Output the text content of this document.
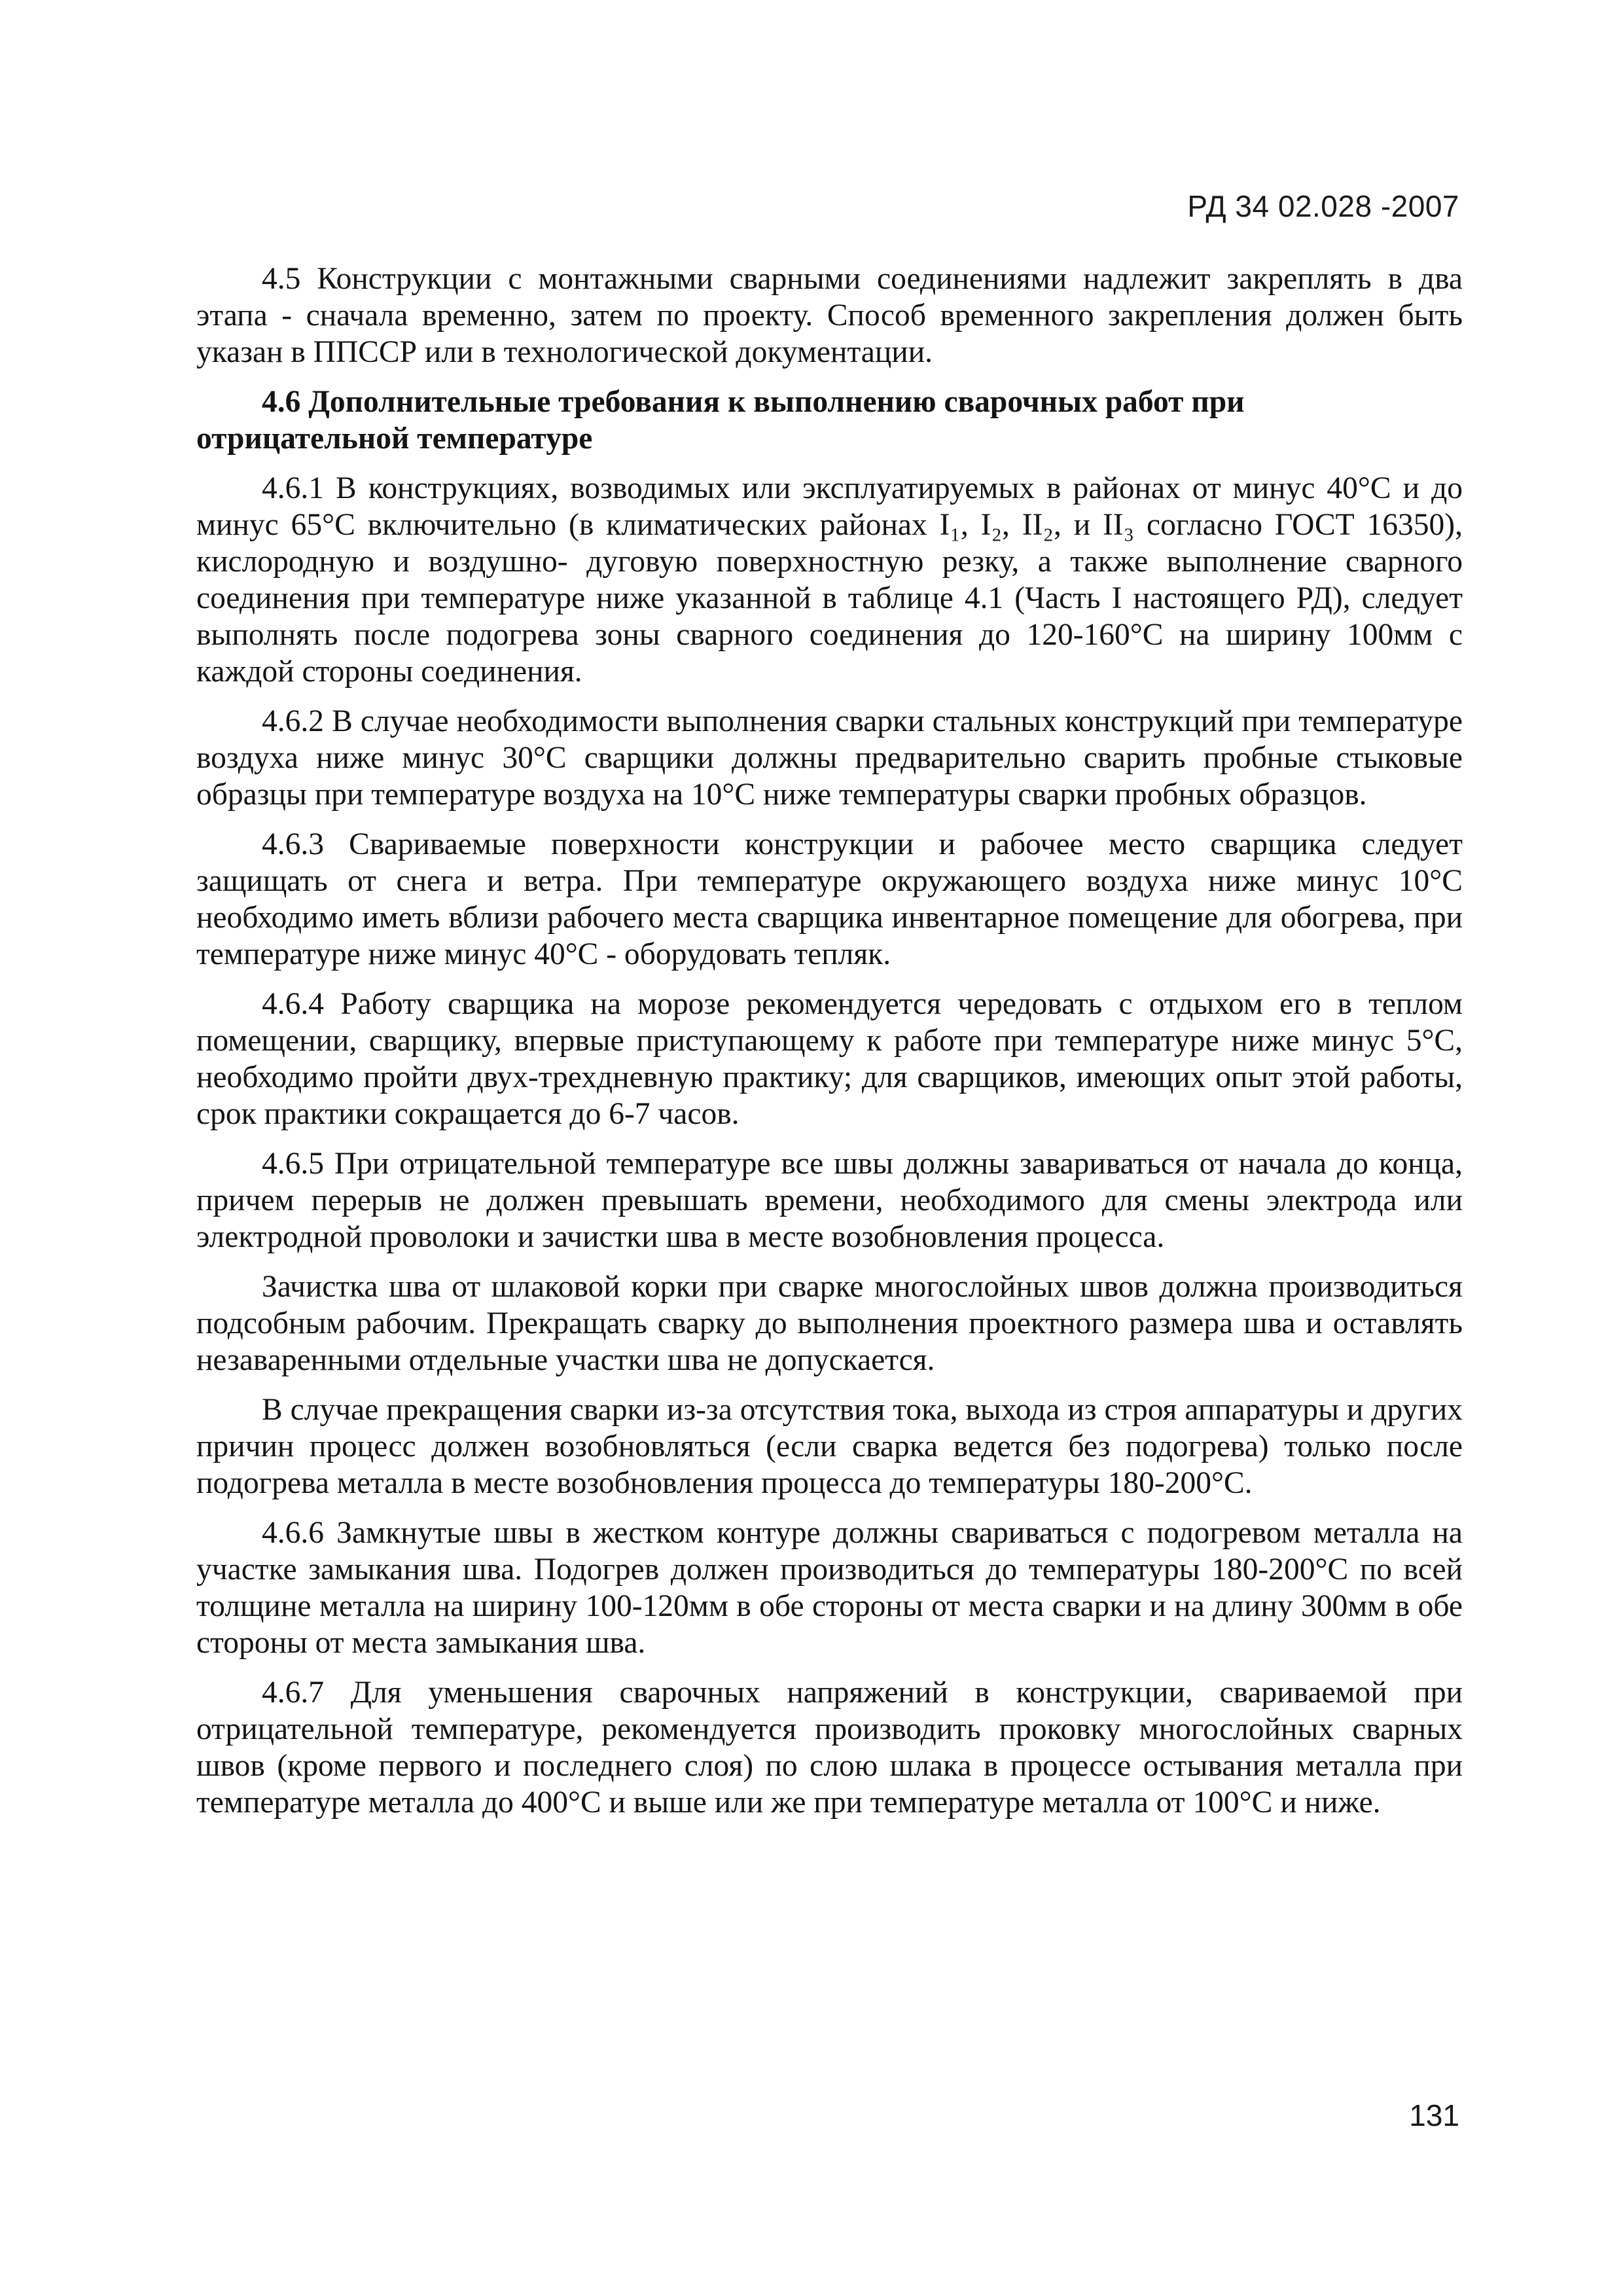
РД 34 02.028 -2007

4.5 Конструкции с монтажными сварными соединениями надлежит закреплять в два этапа - сначала временно, затем по проекту. Способ временного закрепления должен быть указан в ППССР или в технологической документации.

4.6 Дополнительные требования к выполнению сварочных работ при отрицательной температуре

4.6.1 В конструкциях, возводимых или эксплуатируемых в районах от минус 40°С и до минус 65°С включительно (в климатических районах I₁, I₂, II₂, и II₃ согласно ГОСТ 16350), кислородную и воздушно- дуговую поверхностную резку, а также выполнение сварного соединения при температуре ниже указанной в таблице 4.1 (Часть I настоящего РД), следует выполнять после подогрева зоны сварного соединения до 120-160°С на ширину 100мм с каждой стороны соединения.

4.6.2 В случае необходимости выполнения сварки стальных конструкций при температуре воздуха ниже минус 30°С сварщики должны предварительно сварить пробные стыковые образцы при температуре воздуха на 10°С ниже температуры сварки пробных образцов.

4.6.3 Свариваемые поверхности конструкции и рабочее место сварщика следует защищать от снега и ветра. При температуре окружающего воздуха ниже минус 10°С необходимо иметь вблизи рабочего места сварщика инвентарное помещение для обогрева, при температуре ниже минус 40°С - оборудовать тепляк.

4.6.4 Работу сварщика на морозе рекомендуется чередовать с отдыхом его в теплом помещении, сварщику, впервые приступающему к работе при температуре ниже минус 5°С, необходимо пройти двух-трехдневную практику; для сварщиков, имеющих опыт этой работы, срок практики сокращается до 6-7 часов.

4.6.5 При отрицательной температуре все швы должны завариваться от начала до конца, причем перерыв не должен превышать времени, необходимого для смены электрода или электродной проволоки и зачистки шва в месте возобновления процесса.

Зачистка шва от шлаковой корки при сварке многослойных швов должна производиться подсобным рабочим. Прекращать сварку до выполнения проектного размера шва и оставлять незаваренными отдельные участки шва не допускается.

В случае прекращения сварки из-за отсутствия тока, выхода из строя аппаратуры и других причин процесс должен возобновляться (если сварка ведется без подогрева) только после подогрева металла в месте возобновления процесса до температуры 180-200°С.

4.6.6 Замкнутые швы в жестком контуре должны свариваться с подогревом металла на участке замыкания шва. Подогрев должен производиться до температуры 180-200°С по всей толщине металла на ширину 100-120мм в обе стороны от места сварки и на длину 300мм в обе стороны от места замыкания шва.

4.6.7 Для уменьшения сварочных напряжений в конструкции, свариваемой при отрицательной температуре, рекомендуется производить проковку многослойных сварных швов (кроме первого и последнего слоя) по слою шлака в процессе остывания металла при температуре металла до 400°С и выше или же при температуре металла от 100°С и ниже.

131
